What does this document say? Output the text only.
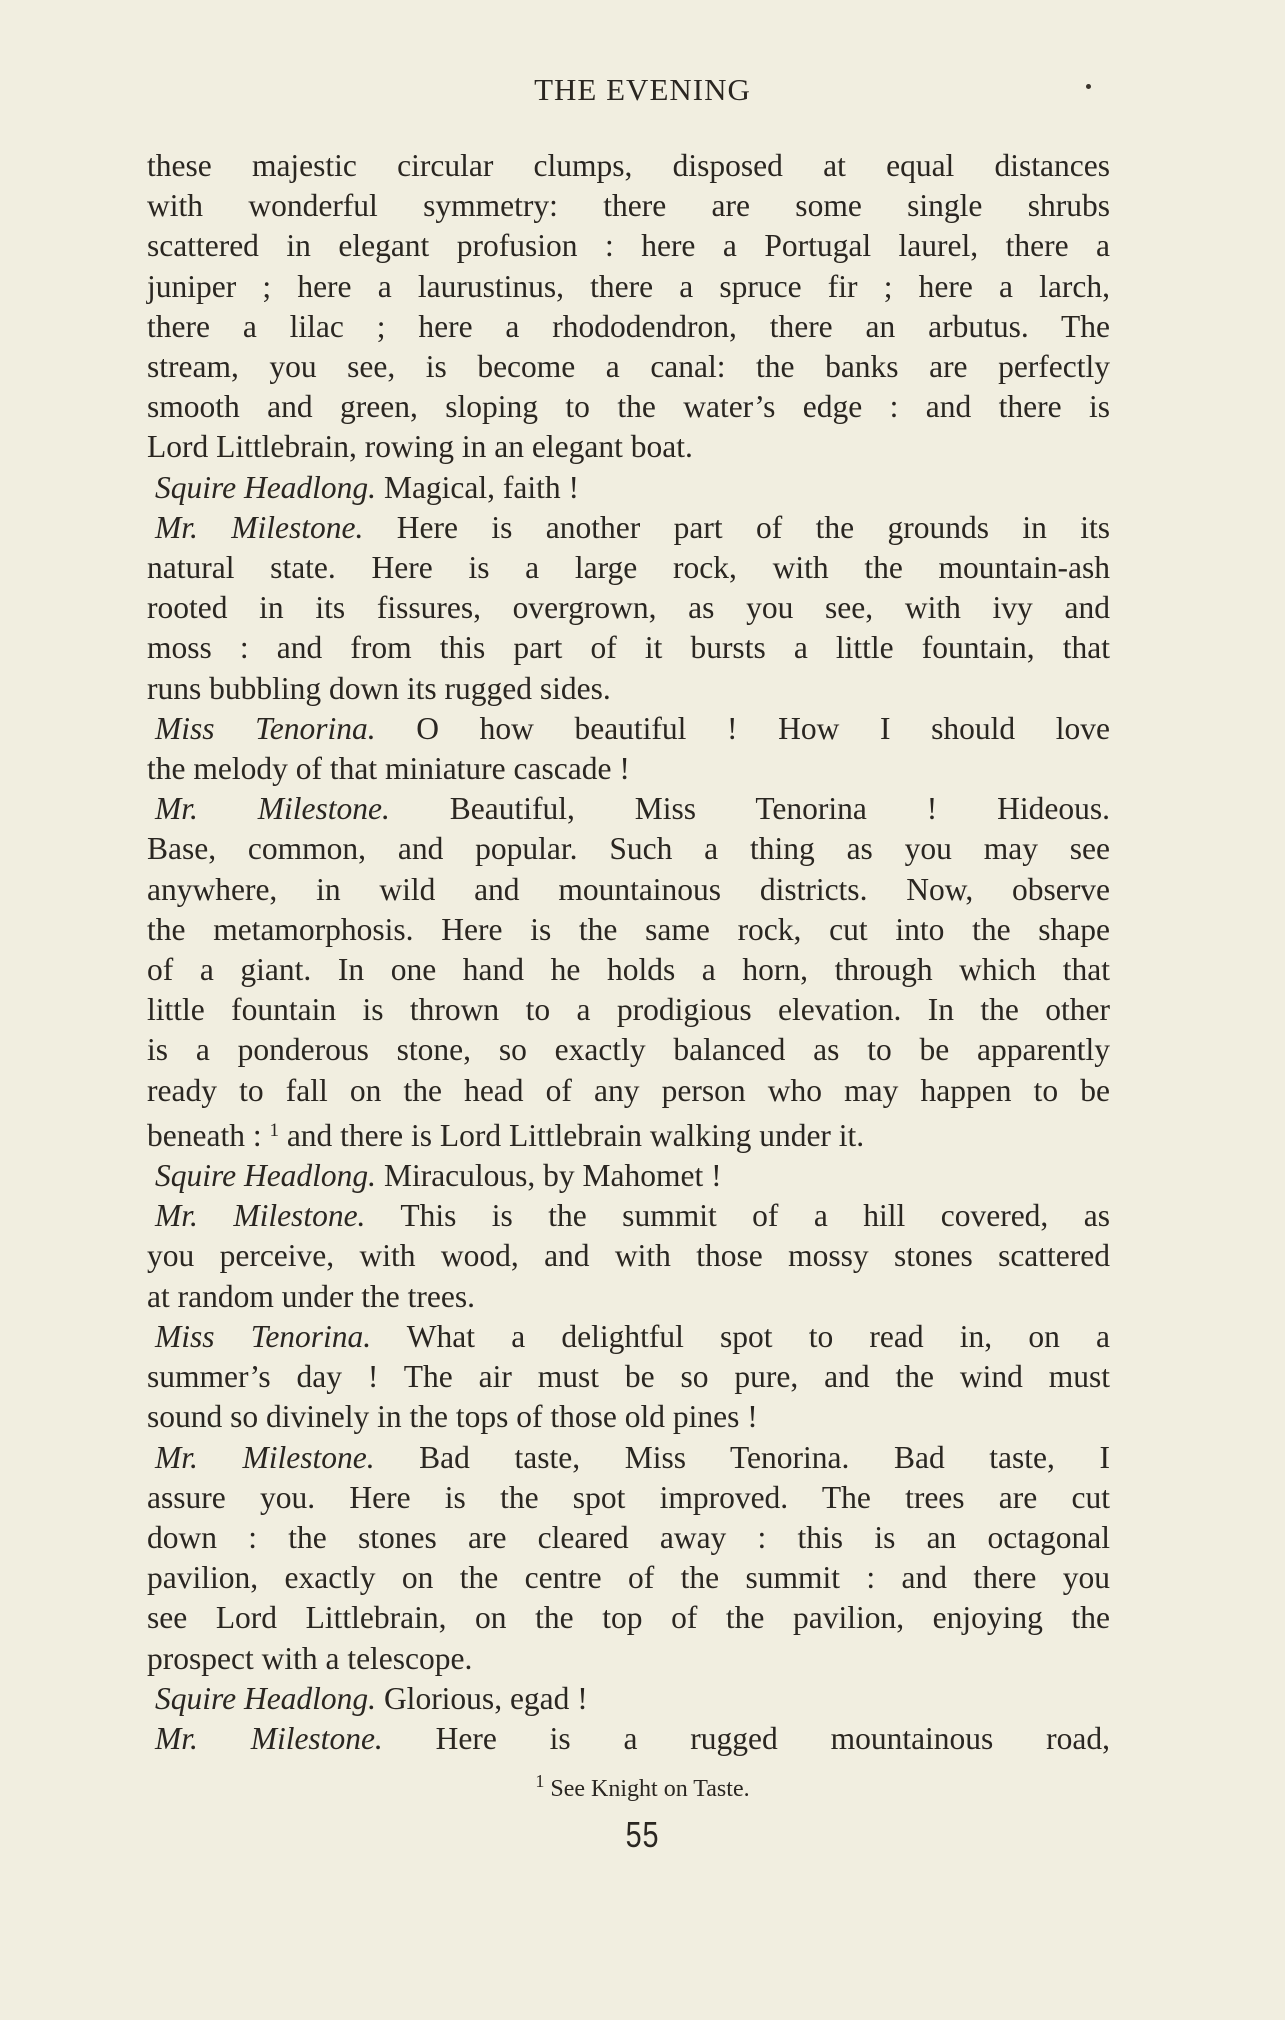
THE EVENING

these majestic circular clumps, disposed at equal distances

with wonderful symmetry: there are some single shrubs

scattered in elegant profusion : here a Portugal laurel, there a

juniper ; here a laurustinus, there a spruce fir ; here a larch,

there a lilac ; here a rhododendron, there an arbutus. The

stream, you see, is become a canal: the banks are perfectly

smooth and green, sloping to the water’s edge : and there is

Lord Littlebrain, rowing in an elegant boat.

Squire Headlong. Magical, faith !

Mr. Milestone. Here is another part of the grounds in its

natural state. Here is a large rock, with the mountain-ash

rooted in its fissures, overgrown, as you see, with ivy and

moss : and from this part of it bursts a little fountain, that

runs bubbling down its rugged sides.

Miss Tenorina. O how beautiful ! How I should love

the melody of that miniature cascade !

Mr. Milestone. Beautiful, Miss Tenorina ! Hideous.

Base, common, and popular. Such a thing as you may see

anywhere, in wild and mountainous districts. Now, observe

the metamorphosis. Here is the same rock, cut into the shape

of a giant. In one hand he holds a horn, through which that

little fountain is thrown to a prodigious elevation. In the other

is a ponderous stone, so exactly balanced as to be apparently

ready to fall on the head of any person who may happen to be

beneath : $^1$ and there is Lord Littlebrain walking under it.

Squire Headlong. Miraculous, by Mahomet !

Mr. Milestone. This is the summit of a hill covered, as

you perceive, with wood, and with those mossy stones scattered

at random under the trees.

Miss Tenorina. What a delightful spot to read in, on a

summer’s day ! The air must be so pure, and the wind must

sound so divinely in the tops of those old pines !

Mr. Milestone. Bad taste, Miss Tenorina. Bad taste, I

assure you. Here is the spot improved. The trees are cut

down : the stones are cleared away : this is an octagonal

pavilion, exactly on the centre of the summit : and there you

see Lord Littlebrain, on the top of the pavilion, enjoying the

prospect with a telescope.

Squire Headlong. Glorious, egad !

Mr. Milestone. Here is a rugged mountainous road,

$^1$ See Knight on Taste.
55
